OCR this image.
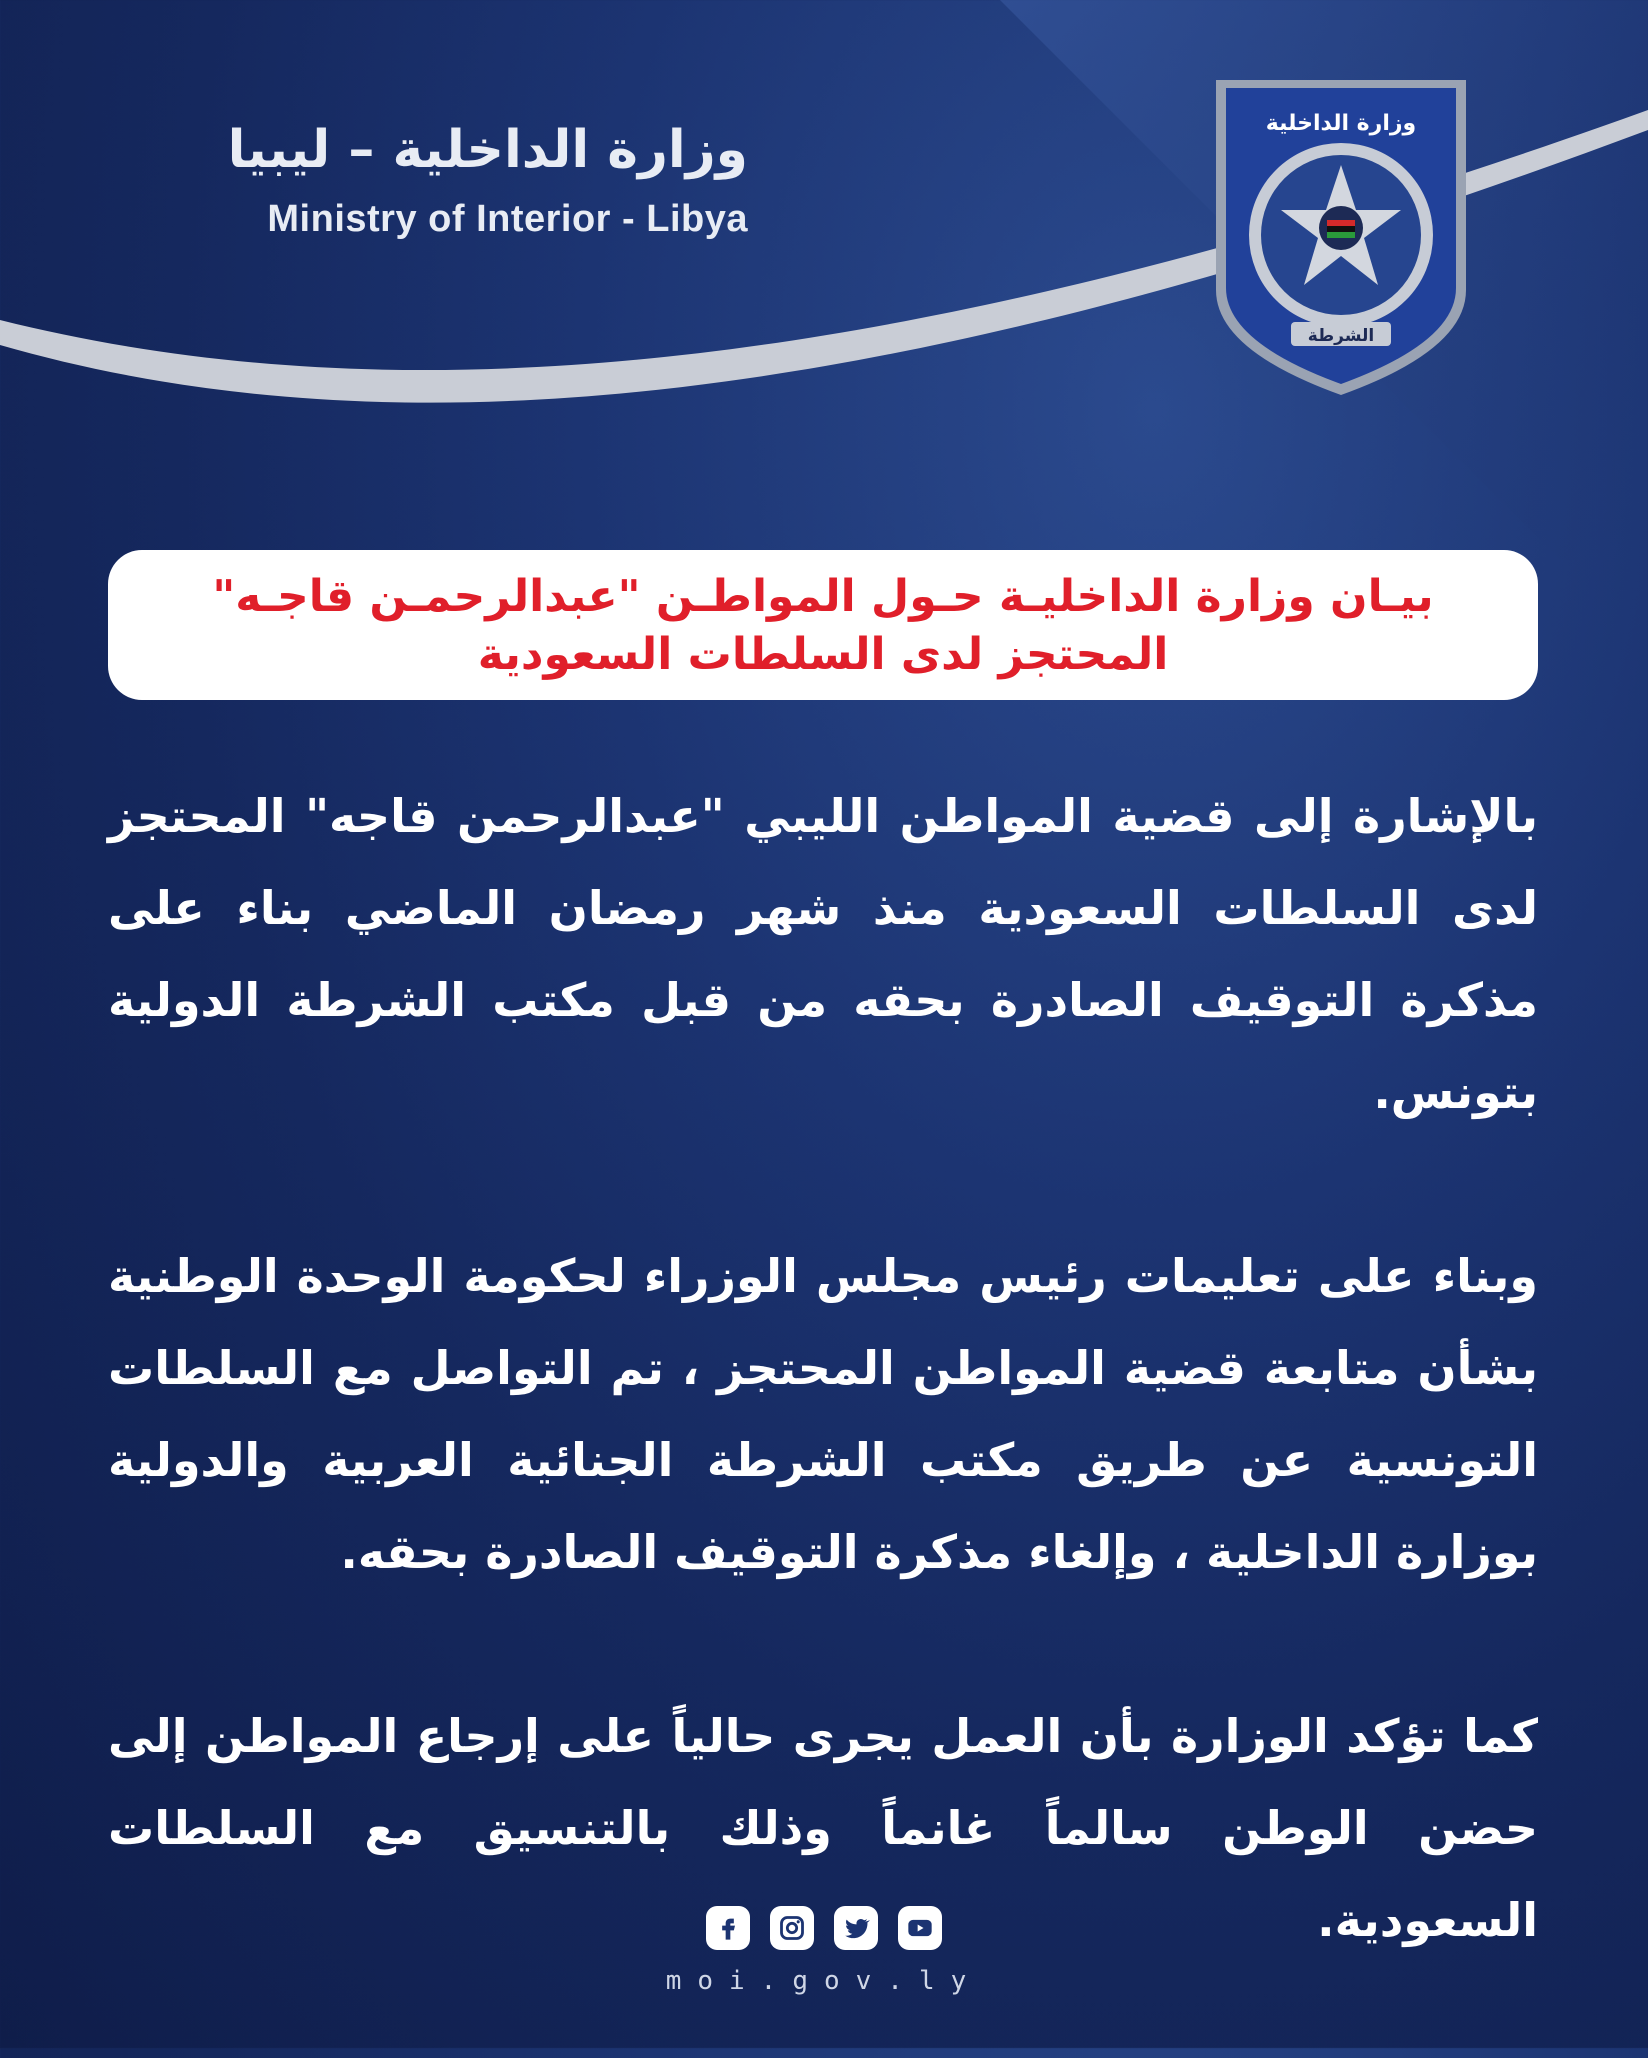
وزارة الداخلية – ليبيا
Ministry of Interior - Libya
وزارة الداخلية
الشرطة
بيـان وزارة الداخليـة حـول المواطـن "عبدالرحمـن قاجـه"
المحتجز لدى السلطات السعودية

بالإشارة إلى قضية المواطن الليبي "عبدالرحمن قاجه" المحتجز لدى السلطات السعودية منذ شهر رمضان الماضي بناء على مذكرة التوقيف الصادرة بحقه من قبل مكتب الشرطة الدولية بتونس.

وبناء على تعليمات رئيس مجلس الوزراء لحكومة الوحدة الوطنية بشأن متابعة قضية المواطن المحتجز ، تم التواصل مع السلطات التونسية عن طريق مكتب الشرطة الجنائية العربية والدولية بوزارة الداخلية ، وإلغاء مذكرة التوقيف الصادرة بحقه.

كما تؤكد الوزارة بأن العمل يجرى حالياً على إرجاع المواطن إلى حضن الوطن سالماً غانماً وذلك بالتنسيق مع السلطات السعودية.

moi.gov.ly
